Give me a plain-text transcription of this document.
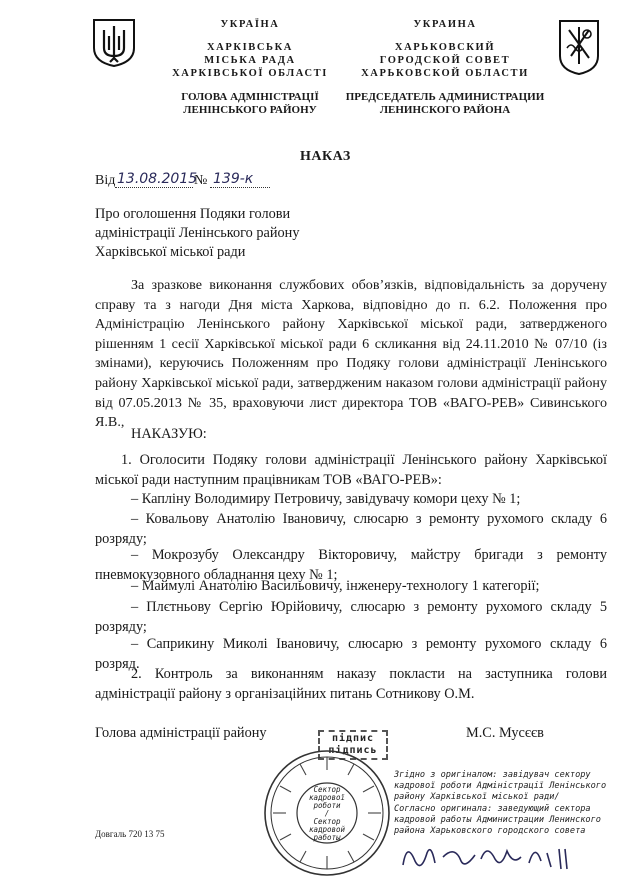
УКРАЇНА
ХАРКІВСЬКА
МІСЬКА РАДА
ХАРКІВСЬКОЇ ОБЛАСТІ
ГОЛОВА АДМІНІСТРАЦІЇ
ЛЕНІНСЬКОГО РАЙОНУ
УКРАИНА
ХАРЬКОВСКИЙ
ГОРОДСКОЙ СОВЕТ
ХАРЬКОВСКОЙ ОБЛАСТИ
ПРЕДСЕДАТЕЛЬ АДМИНИСТРАЦИИ
ЛЕНИНСКОГО РАЙОНА
НАКАЗ
Від 13.08.2015
№ 139-к
Про оголошення Подяки голови
адміністрації Ленінського району
Харківської міської ради
За зразкове виконання службових обов’язків, відповідальність за доручену справу та з нагоди Дня міста Харкова, відповідно до п. 6.2. Положення про Адміністрацію Ленінського району Харківської міської ради, затвердженого рішенням 1 сесії Харківської міської ради 6 скликання від 24.11.2010 № 07/10 (із змінами), керуючись Положенням про Подяку голови адміністрації Ленінського району Харківської міської ради, затвердженим наказом голови адміністрації району від 07.05.2013 № 35, враховуючи лист директора ТОВ «ВАГО-РЕВ» Сивинського Я.В.,
НАКАЗУЮ:
1. Оголосити Подяку голови адміністрації Ленінського району Харківської міської ради наступним працівникам ТОВ «ВАГО-РЕВ»:
– Капліну Володимиру Петровичу, завідувачу комори цеху № 1;
– Ковальову Анатолію Івановичу, слюсарю з ремонту рухомого складу 6 розряду;
– Мокрозубу Олександру Вікторовичу, майстру бригади з ремонту пневмокузовного обладнання цеху № 1;
– Маймулі Анатолію Васильовичу, інженеру-технологу 1 категорії;
– Плєтньову Сергію Юрійовичу, слюсарю з ремонту рухомого складу 5 розряду;
– Саприкину Миколі Івановичу, слюсарю з ремонту рухомого складу 6 розряд.
2. Контроль за виконанням наказу покласти на заступника голови адміністрації району з організаційних питань Сотникову О.М.
Голова адміністрації району	М.С. Мусєєв
підпис
підпись
Сектор
кадрової
роботи
/
Сектор
кадровой
работы
Згідно з оригіналом: завідувач сектору
кадрової роботи Адміністрації Ленінського
району Харківської міської ради/
Согласно оригинала: заведующий сектора
кадровой работы Администрации Ленинского
района Харьковского городского совета
Довгаль 720 13 75
